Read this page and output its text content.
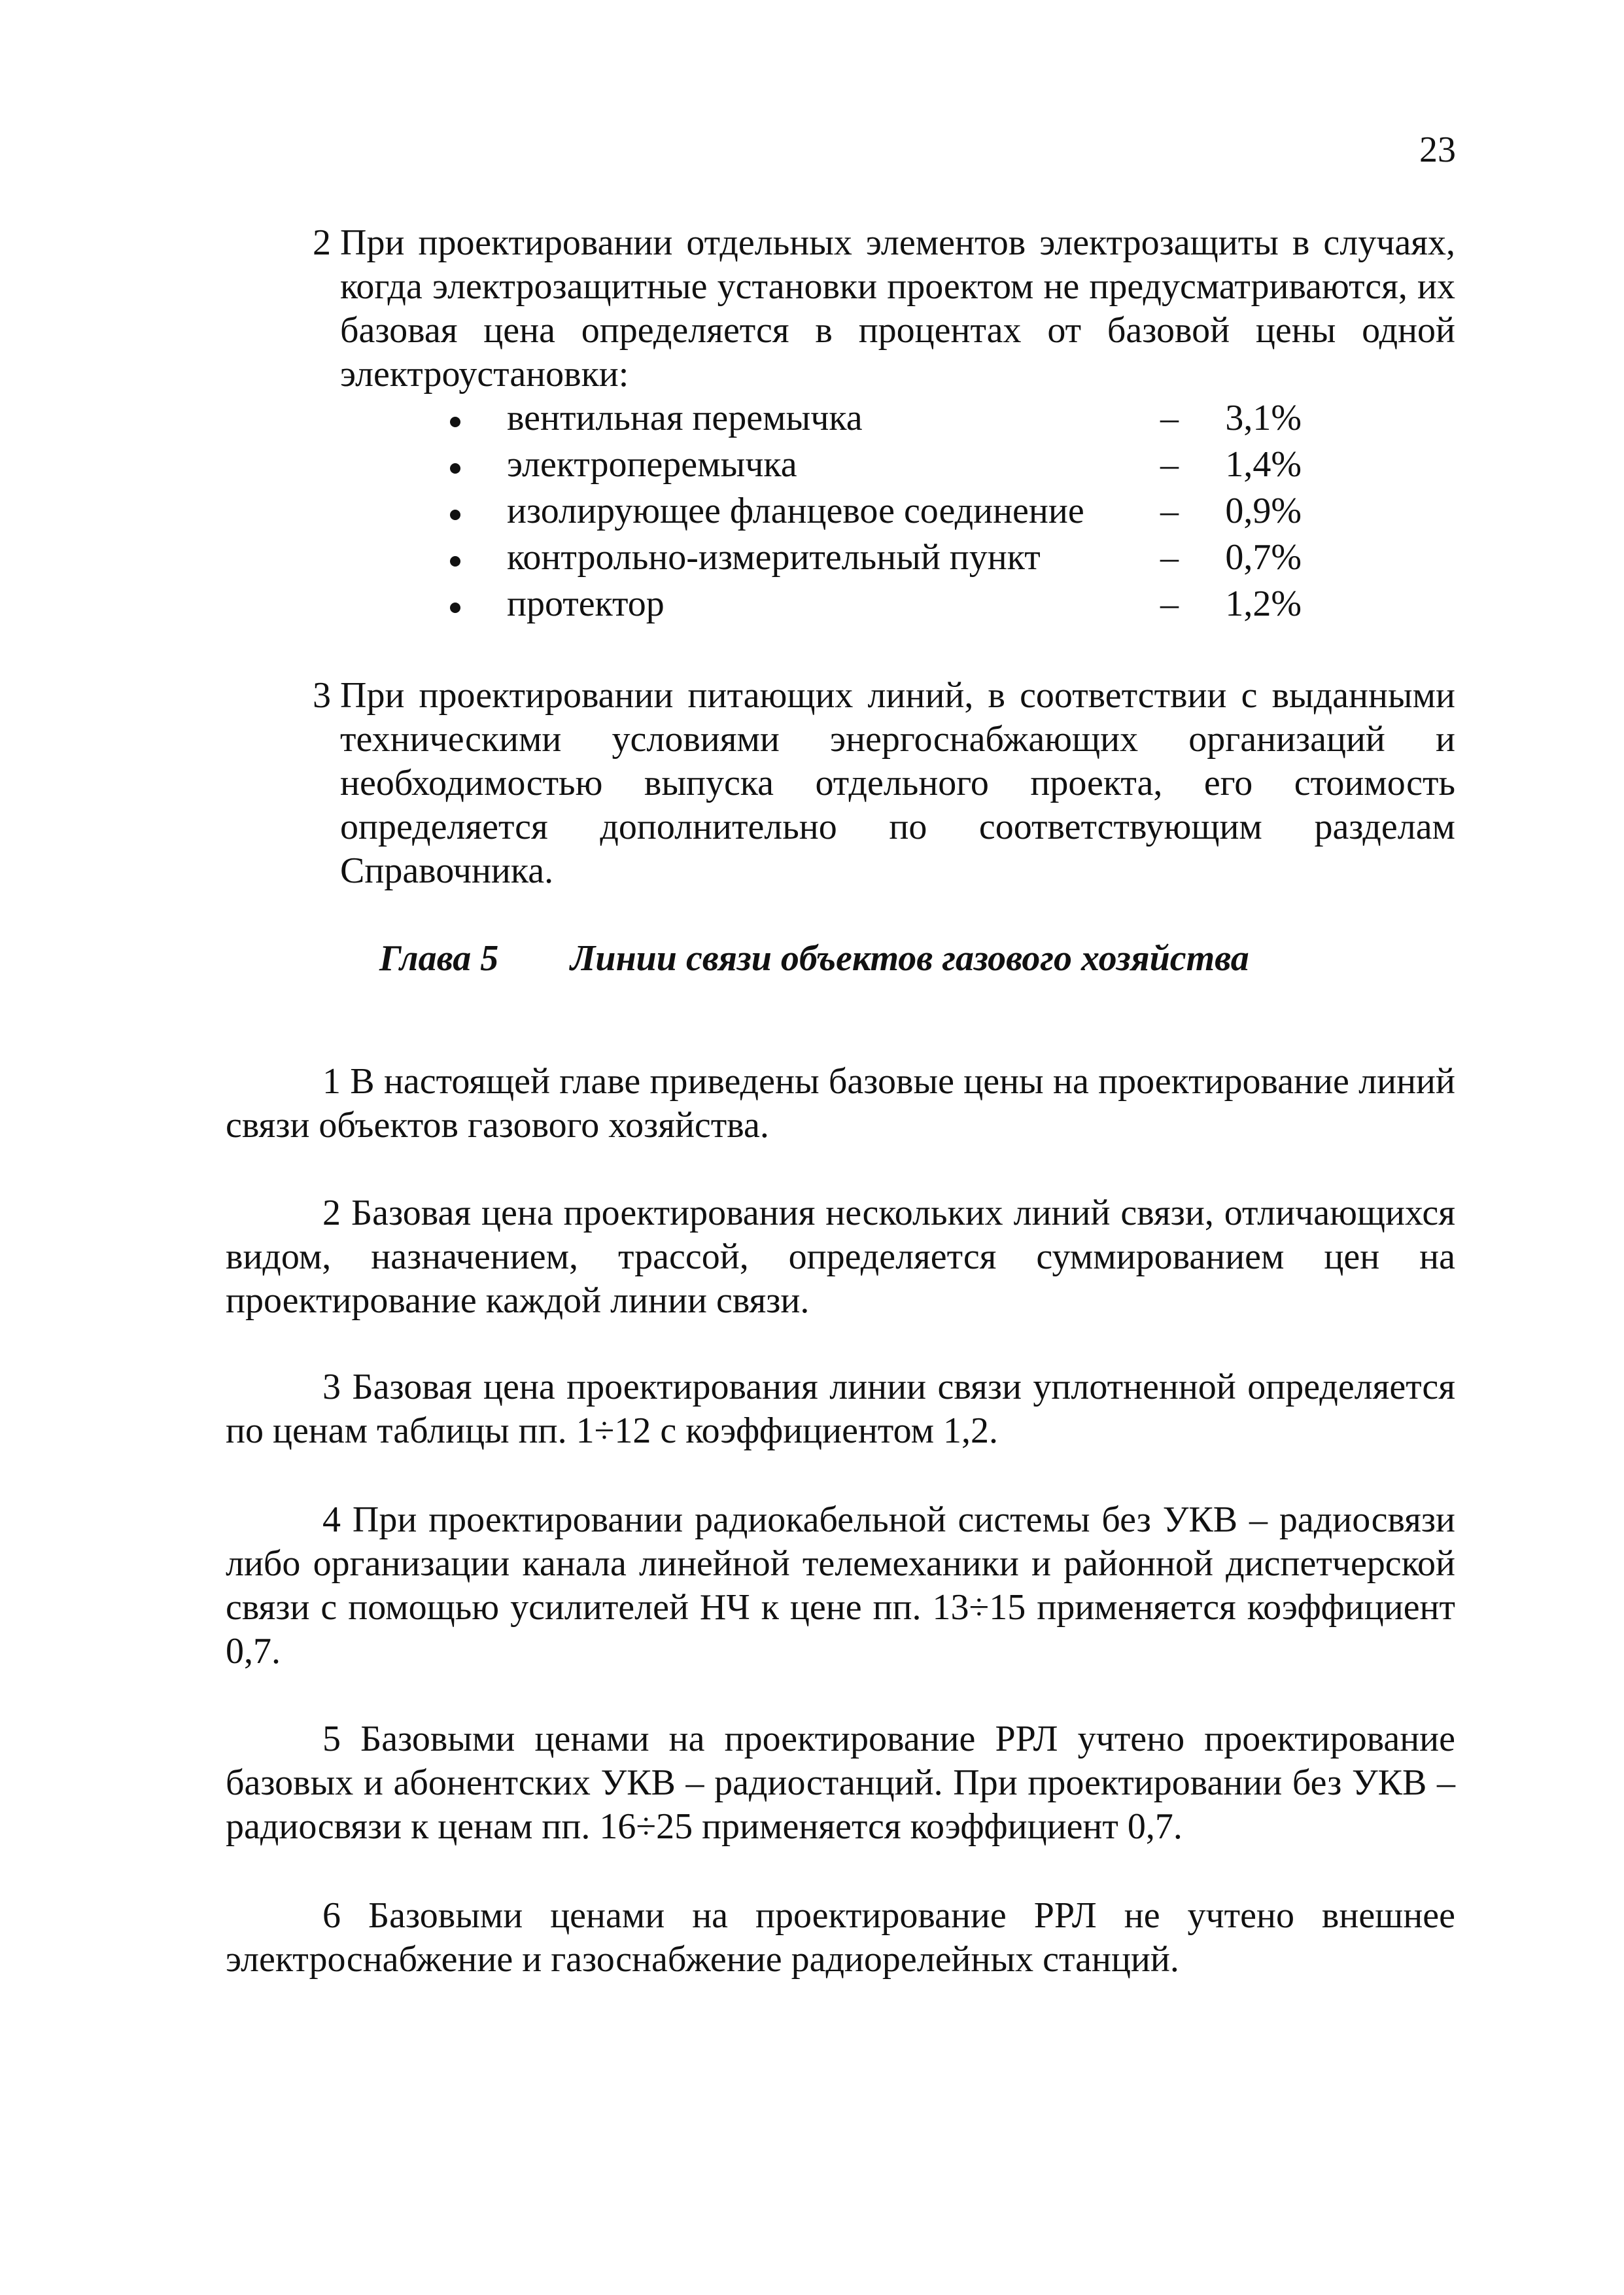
23
2 При проектировании отдельных элементов электрозащиты в случаях, когда электрозащитные установки проектом не предусматриваются, их базовая цена определяется в процентах от базовой цены одной электроустановки:

вентильная перемычка	– 3,1%
электроперемычка	– 1,4%
изолирующее фланцевое соединение – 0,9%
контрольно-измерительный пункт	– 0,7%
протектор	– 1,2%
3 При проектировании питающих линий, в соответствии с выданными техническими условиями энергоснабжающих организаций и необходимостью выпуска отдельного проекта, его стоимость определяется дополнительно по соответствующим разделам Справочника.

Глава 5 Линии связи объектов газового хозяйства

1 В настоящей главе приведены базовые цены на проектирование линий связи объектов газового хозяйства.

2 Базовая цена проектирования нескольких линий связи, отличающихся видом, назначением, трассой, определяется суммированием цен на проектирование каждой линии связи.

3 Базовая цена проектирования линии связи уплотненной определяется по ценам таблицы пп. 1÷12 с коэффициентом 1,2.

4 При проектировании радиокабельной системы без УКВ – радиосвязи либо организации канала линейной телемеханики и районной диспетчерской связи с помощью усилителей НЧ к цене пп. 13÷15 применяется коэффициент 0,7.

5 Базовыми ценами на проектирование РРЛ учтено проектирование базовых и абонентских УКВ – радиостанций. При проектировании без УКВ – радиосвязи к ценам пп. 16÷25 применяется коэффициент 0,7.

6 Базовыми ценами на проектирование РРЛ не учтено внешнее электроснабжение и газоснабжение радиорелейных станций.
